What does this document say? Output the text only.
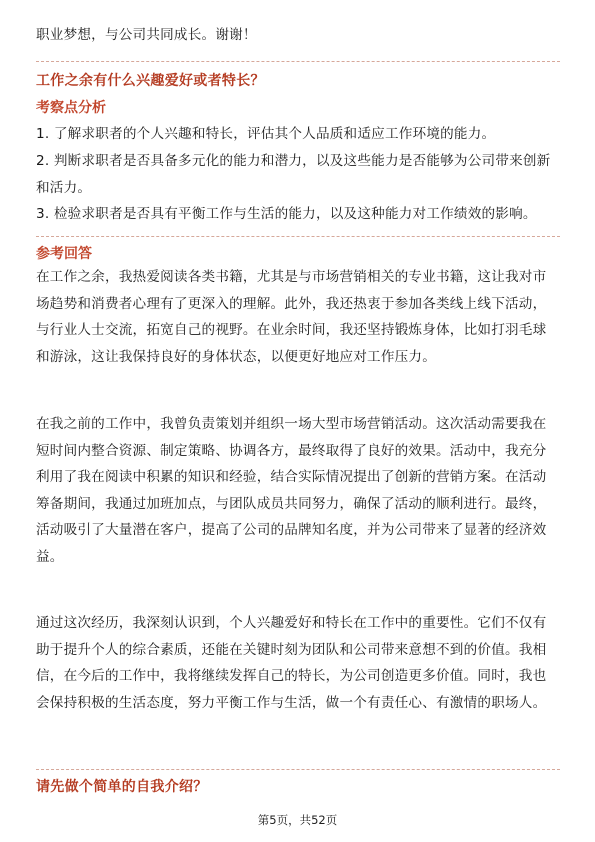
职业梦想，与公司共同成长。谢谢！
工作之余有什么兴趣爱好或者特长？
考察点分析
1. 了解求职者的个人兴趣和特长，评估其个人品质和适应工作环境的能力。
2. 判断求职者是否具备多元化的能力和潜力，以及这些能力是否能够为公司带来创新和活力。
3. 检验求职者是否具有平衡工作与生活的能力，以及这种能力对工作绩效的影响。
参考回答
在工作之余，我热爱阅读各类书籍，尤其是与市场营销相关的专业书籍，这让我对市场趋势和消费者心理有了更深入的理解。此外，我还热衷于参加各类线上线下活动，与行业人士交流，拓宽自己的视野。在业余时间，我还坚持锻炼身体，比如打羽毛球和游泳，这让我保持良好的身体状态，以便更好地应对工作压力。
在我之前的工作中，我曾负责策划并组织一场大型市场营销活动。这次活动需要我在短时间内整合资源、制定策略、协调各方，最终取得了良好的效果。活动中，我充分利用了我在阅读中积累的知识和经验，结合实际情况提出了创新的营销方案。在活动筹备期间，我通过加班加点，与团队成员共同努力，确保了活动的顺利进行。最终，活动吸引了大量潜在客户，提高了公司的品牌知名度，并为公司带来了显著的经济效益。
通过这次经历，我深刻认识到，个人兴趣爱好和特长在工作中的重要性。它们不仅有助于提升个人的综合素质，还能在关键时刻为团队和公司带来意想不到的价值。我相信，在今后的工作中，我将继续发挥自己的特长，为公司创造更多价值。同时，我也会保持积极的生活态度，努力平衡工作与生活，做一个有责任心、有激情的职场人。
请先做个简单的自我介绍？
第5页，共52页
